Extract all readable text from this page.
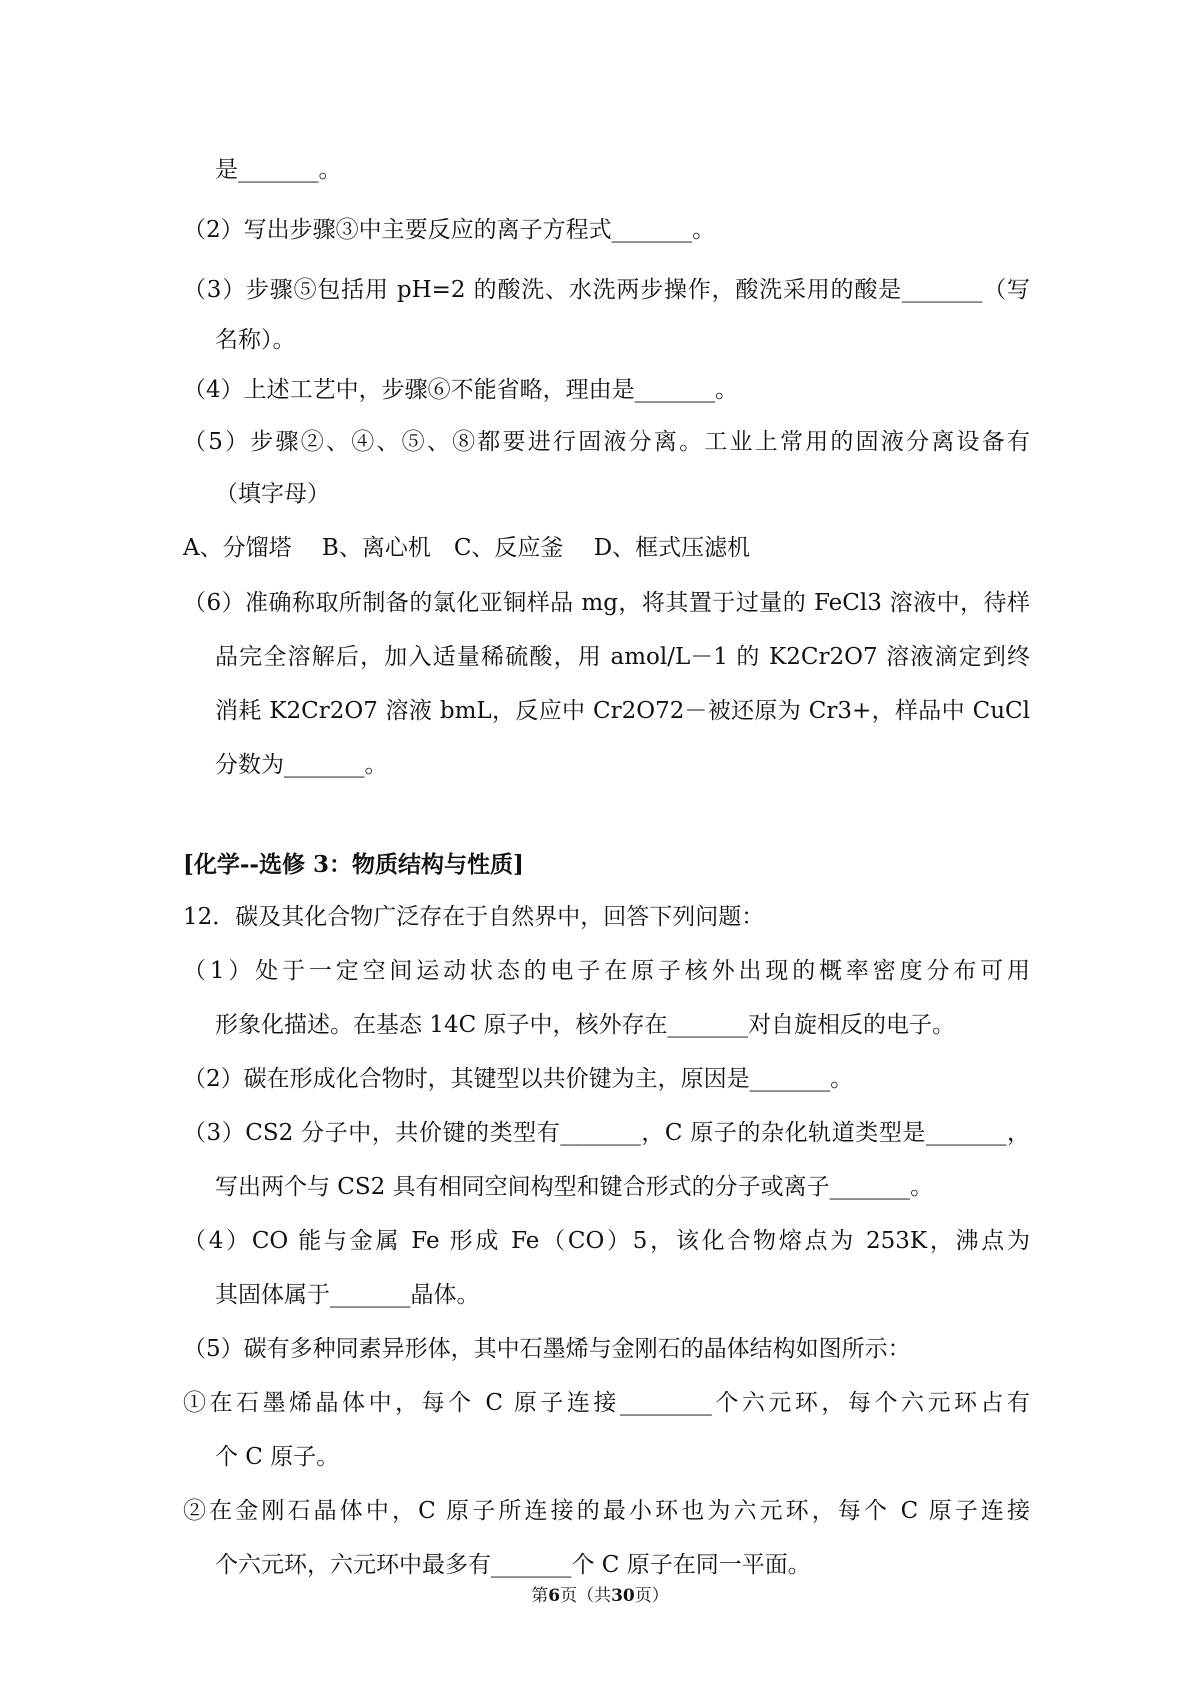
是_______。
（2）写出步骤③中主要反应的离子方程式_______。
（3）步骤⑤包括用 pH=2 的酸洗、水洗两步操作，酸洗采用的酸是_______（写
名称）。
（4）上述工艺中，步骤⑥不能省略，理由是_______。
（5）步骤②、④、⑤、⑧都要进行固液分离。工业上常用的固液分离设备有
（填字母）
A、分馏塔　 B、离心机　C、反应釜　 D、框式压滤机
（6）准确称取所制备的氯化亚铜样品 mg，将其置于过量的 FeCl3 溶液中，待样
品完全溶解后，加入适量稀硫酸，用 amol/L－1 的 K2Cr2O7 溶液滴定到终
消耗 K2Cr2O7 溶液 bmL，反应中 Cr2O72－被还原为 Cr3+，样品中 CuCl
分数为_______。
[化学--选修 3：物质结构与性质]
12．碳及其化合物广泛存在于自然界中，回答下列问题：
（1）处于一定空间运动状态的电子在原子核外出现的概率密度分布可用
形象化描述。在基态 14C 原子中，核外存在_______对自旋相反的电子。
（2）碳在形成化合物时，其键型以共价键为主，原因是_______。
（3）CS2 分子中，共价键的类型有_______，C 原子的杂化轨道类型是_______，
写出两个与 CS2 具有相同空间构型和键合形式的分子或离子_______。
（4）CO 能与金属 Fe 形成 Fe（CO）5，该化合物熔点为 253K，沸点为
其固体属于_______晶体。
（5）碳有多种同素异形体，其中石墨烯与金刚石的晶体结构如图所示：
①在石墨烯晶体中，每个 C 原子连接________个六元环，每个六元环占有
个 C 原子。
②在金刚石晶体中，C 原子所连接的最小环也为六元环，每个 C 原子连接
个六元环，六元环中最多有_______个 C 原子在同一平面。
第6页（共30页）
